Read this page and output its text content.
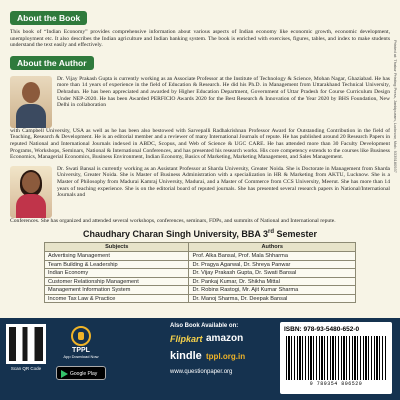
Printed at: Thakur Printing Press, Jankipuram, Lucknow, Mob. 9335180937
About the Book

This book of “Indian Economy” provides comprehensive information about various aspects of Indian economy like economic growth, economic development, unemployment etc. It also describes the Indian agriculture and Indian banking system. The book is enriched with exercises, figures, tables, and index to make students understand the text easily and effectively.

About the Author

Dr. Vijay Prakash Gupta is currently working as an Associate Professor at the Institute of Technology & Science, Mohan Nagar, Ghaziabad. He has more than 14 years of experience in the field of Education & Research. He did his Ph.D. in Management from Uttarakhand Technical University, Dehradun. He has been appreciated and awarded by Higher Education Department, Government of Uttar Pradesh for Course Curriculum Design Under NEP-2020. He has been Awarded PERFICIO Awards 2020 for the Best Research & Innovation of the Year 2020 by BHS Foundation, New Delhi in collaboration

with Campbell University, USA as well as he has been also bestowed with Sarvepalli Radhakrishnan Professor Award for Outstanding Contribution in the field of Teaching, Research & Development. He is an editorial member and a reviewer of many International Journals of repute. He has published around 20 Research Papers in reputed National and International Journals indexed in ABDC, Scopus, and Web of Science & UGC CARE. He has attended more than 30 Faculty Development Programs, Workshops, Seminars, National & International Conferences, and has presented his research works. His core competency extends to the courses like Business Economics, Managerial Economics, Business Environment, Indian Economy, Basics of Marketing, Marketing Management, and Sales Management.

Dr. Swati Bansal is currently working as an Assistant Professor at Sharda University, Greater Noida. She is Doctorate in Management from Sharda University, Greater Noida. She is Master of Business Administration with a specialization in HR & Marketing from AKTU, Lucknow. She is a Master of Philosophy from Madurai Kamraj University, Madurai, and a Master of Commerce from CCS University, Meerut. She has more than 14 years of teaching experience. She is on the editorial board of reputed journals. She has presented several research papers in National/International Journals and

Conferences. She has organized and attended several workshops, conferences, seminars, FDPs, and summits of National and International repute.

Chaudhary Charan Singh University, BBA 3rd Semester
Subjects	Authors
Advertising Management	Prof. Alka Bansal, Prof. Mala Shharma
Team Building & Leadership	Dr. Pragya Agarwal, Dr. Shreya Panwar
Indian Economy	Dr. Vijay Prakash Gupta, Dr. Swati Bansal
Customer Relationship Management	Dr. Pankaj Kumar, Dr. Shikha Mittal
Management Information System	Dr. Robins Rastogi, Mr. Ajit Kumar Sharma
Income Tax Law & Practice	Dr. Manoj Sharma, Dr. Deepak Bansal
Scan QR Code
TPPL
App Download Now
Google Play
Also Book Available on:
Flipkart amazon
kindle tppl.org.in
www.questionpaper.org
ISBN: 978-93-5480-652-0
9 789354 806520
